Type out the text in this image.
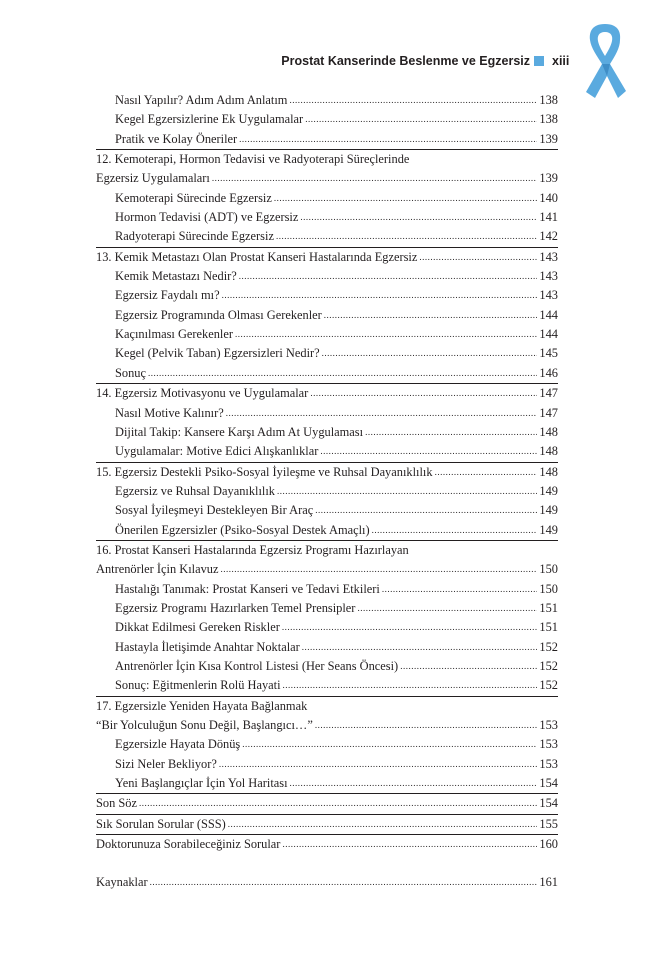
Prostat Kanserinde Beslenme ve Egzersiz xiii
Nasıl Yapılır? Adım Adım Anlatım .....	138
Kegel Egzersizlerine Ek Uygulamalar .....	138
Pratik ve Kolay Öneriler .....	139
12. Kemoterapi, Hormon Tedavisi ve Radyoterapi Süreçlerinde
Egzersiz Uygulamaları .....	139
Kemoterapi Sürecinde Egzersiz .....	140
Hormon Tedavisi (ADT) ve Egzersiz .....	141
Radyoterapi Sürecinde Egzersiz .....	142
13. Kemik Metastazı Olan Prostat Kanseri Hastalarında Egzersiz .....	143
Kemik Metastazı Nedir? .....	143
Egzersiz Faydalı mı? .....	143
Egzersiz Programında Olması Gerekenler .....	144
Kaçınılması Gerekenler .....	144
Kegel (Pelvik Taban) Egzersizleri Nedir? .....	145
Sonuç .....	146
14. Egzersiz Motivasyonu ve Uygulamalar .....	147
Nasıl Motive Kalınır? .....	147
Dijital Takip: Kansere Karşı Adım At Uygulaması .....	148
Uygulamalar: Motive Edici Alışkanlıklar .....	148
15. Egzersiz Destekli Psiko-Sosyal İyileşme ve Ruhsal Dayanıklılık .....	148
Egzersiz ve Ruhsal Dayanıklılık .....	149
Sosyal İyileşmeyi Destekleyen Bir Araç .....	149
Önerilen Egzersizler (Psiko-Sosyal Destek Amaçlı) .....	149
16. Prostat Kanseri Hastalarında Egzersiz Programı Hazırlayan
Antrenörler İçin Kılavuz .....	150
Hastalığı Tanımak: Prostat Kanseri ve Tedavi Etkileri .....	150
Egzersiz Programı Hazırlarken Temel Prensipler .....	151
Dikkat Edilmesi Gereken Riskler .....	151
Hastayla İletişimde Anahtar Noktalar .....	152
Antrenörler İçin Kısa Kontrol Listesi (Her Seans Öncesi) .....	152
Sonuç: Eğitmenlerin Rolü Hayati .....	152
17. Egzersizle Yeniden Hayata Bağlanmak
“Bir Yolculuğun Sonu Değil, Başlangıcı…” .....	153
Egzersizle Hayata Dönüş .....	153
Sizi Neler Bekliyor? .....	153
Yeni Başlangıçlar İçin Yol Haritası .....	154
Son Söz .....	154
Sık Sorulan Sorular (SSS) .....	155
Doktorunuza Sorabileceğiniz Sorular .....	160
Kaynaklar .....	161
